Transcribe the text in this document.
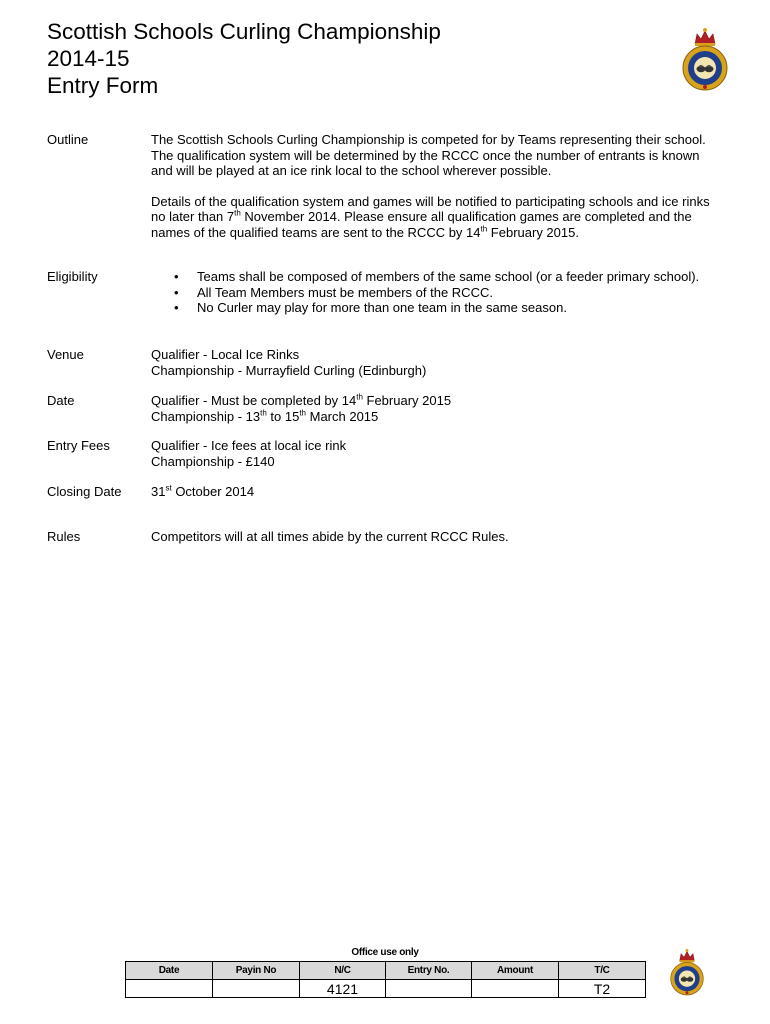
Scottish Schools Curling Championship
2014-15
Entry Form
Outline	The Scottish Schools Curling Championship is competed for by Teams representing their school. The qualification system will be determined by the RCCC once the number of entrants is known and will be played at an ice rink local to the school wherever possible.

Details of the qualification system and games will be notified to participating schools and ice rinks no later than 7th November 2014. Please ensure all qualification games are completed and the names of the qualified teams are sent to the RCCC by 14th February 2015.

Eligibility	• Teams shall be composed of members of the same school (or a feeder primary school).
• All Team Members must be members of the RCCC.
• No Curler may play for more than one team in the same season.
Venue	Qualifier - Local Ice Rinks
Championship - Murrayfield Curling (Edinburgh)
Date	Qualifier - Must be completed by 14th February 2015
Championship - 13th to 15th March 2015
Entry Fees	Qualifier - Ice fees at local ice rink
Championship - £140
Closing Date	31st October 2014
Rules	Competitors will at all times abide by the current RCCC Rules.
Office use only
Date	Payin No	N/C	Entry No.	Amount	T/C
		4121			T2
